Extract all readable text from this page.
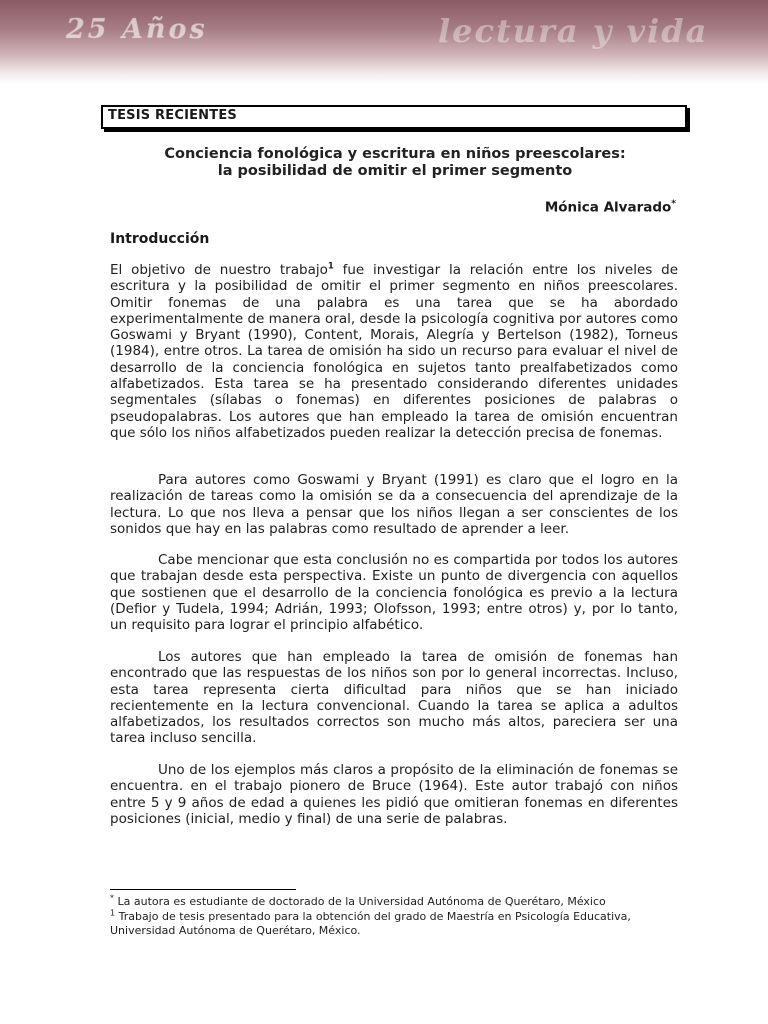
25 Años	lectura y vida
TESIS RECIENTES
Conciencia fonológica y escritura en niños preescolares:
la posibilidad de omitir el primer segmento
Mónica Alvarado*
Introducción
El objetivo de nuestro trabajo$^1$ fue investigar la relación entre los niveles de escritura y la posibilidad de omitir el primer segmento en niños preescolares. Omitir fonemas de una palabra es una tarea que se ha abordado experimentalmente de manera oral, desde la psicología cognitiva por autores como Goswami y Bryant (1990), Content, Morais, Alegría y Bertelson (1982), Torneus (1984), entre otros. La tarea de omisión ha sido un recurso para evaluar el nivel de desarrollo de la conciencia fonológica en sujetos tanto prealfabetizados como alfabetizados. Esta tarea se ha presentado considerando diferentes unidades segmentales (sílabas o fonemas) en diferentes posiciones de palabras o pseudopalabras. Los autores que han empleado la tarea de omisión encuentran que sólo los niños alfabetizados pueden realizar la detección precisa de fonemas.
Para autores como Goswami y Bryant (1991) es claro que el logro en la realización de tareas como la omisión se da a consecuencia del aprendizaje de la lectura. Lo que nos lleva a pensar que los niños llegan a ser conscientes de los sonidos que hay en las palabras como resultado de aprender a leer.
Cabe mencionar que esta conclusión no es compartida por todos los autores que trabajan desde esta perspectiva. Existe un punto de divergencia con aquellos que sostienen que el desarrollo de la conciencia fonológica es previo a la lectura (Defior y Tudela, 1994; Adrián, 1993; Olofsson, 1993; entre otros) y, por lo tanto, un requisito para lograr el principio alfabético.
Los autores que han empleado la tarea de omisión de fonemas han encontrado que las respuestas de los niños son por lo general incorrectas. Incluso, esta tarea representa cierta dificultad para niños que se han iniciado recientemente en la lectura convencional. Cuando la tarea se aplica a adultos alfabetizados, los resultados correctos son mucho más altos, pareciera ser una tarea incluso sencilla.
Uno de los ejemplos más claros a propósito de la eliminación de fonemas se encuentra. en el trabajo pionero de Bruce (1964). Este autor trabajó con niños entre 5 y 9 años de edad a quienes les pidió que omitieran fonemas en diferentes posiciones (inicial, medio y final) de una serie de palabras.
* La autora es estudiante de doctorado de la Universidad Autónoma de Querétaro, México
$^1$ Trabajo de tesis presentado para la obtención del grado de Maestría en Psicología Educativa, Universidad Autónoma de Querétaro, México.
